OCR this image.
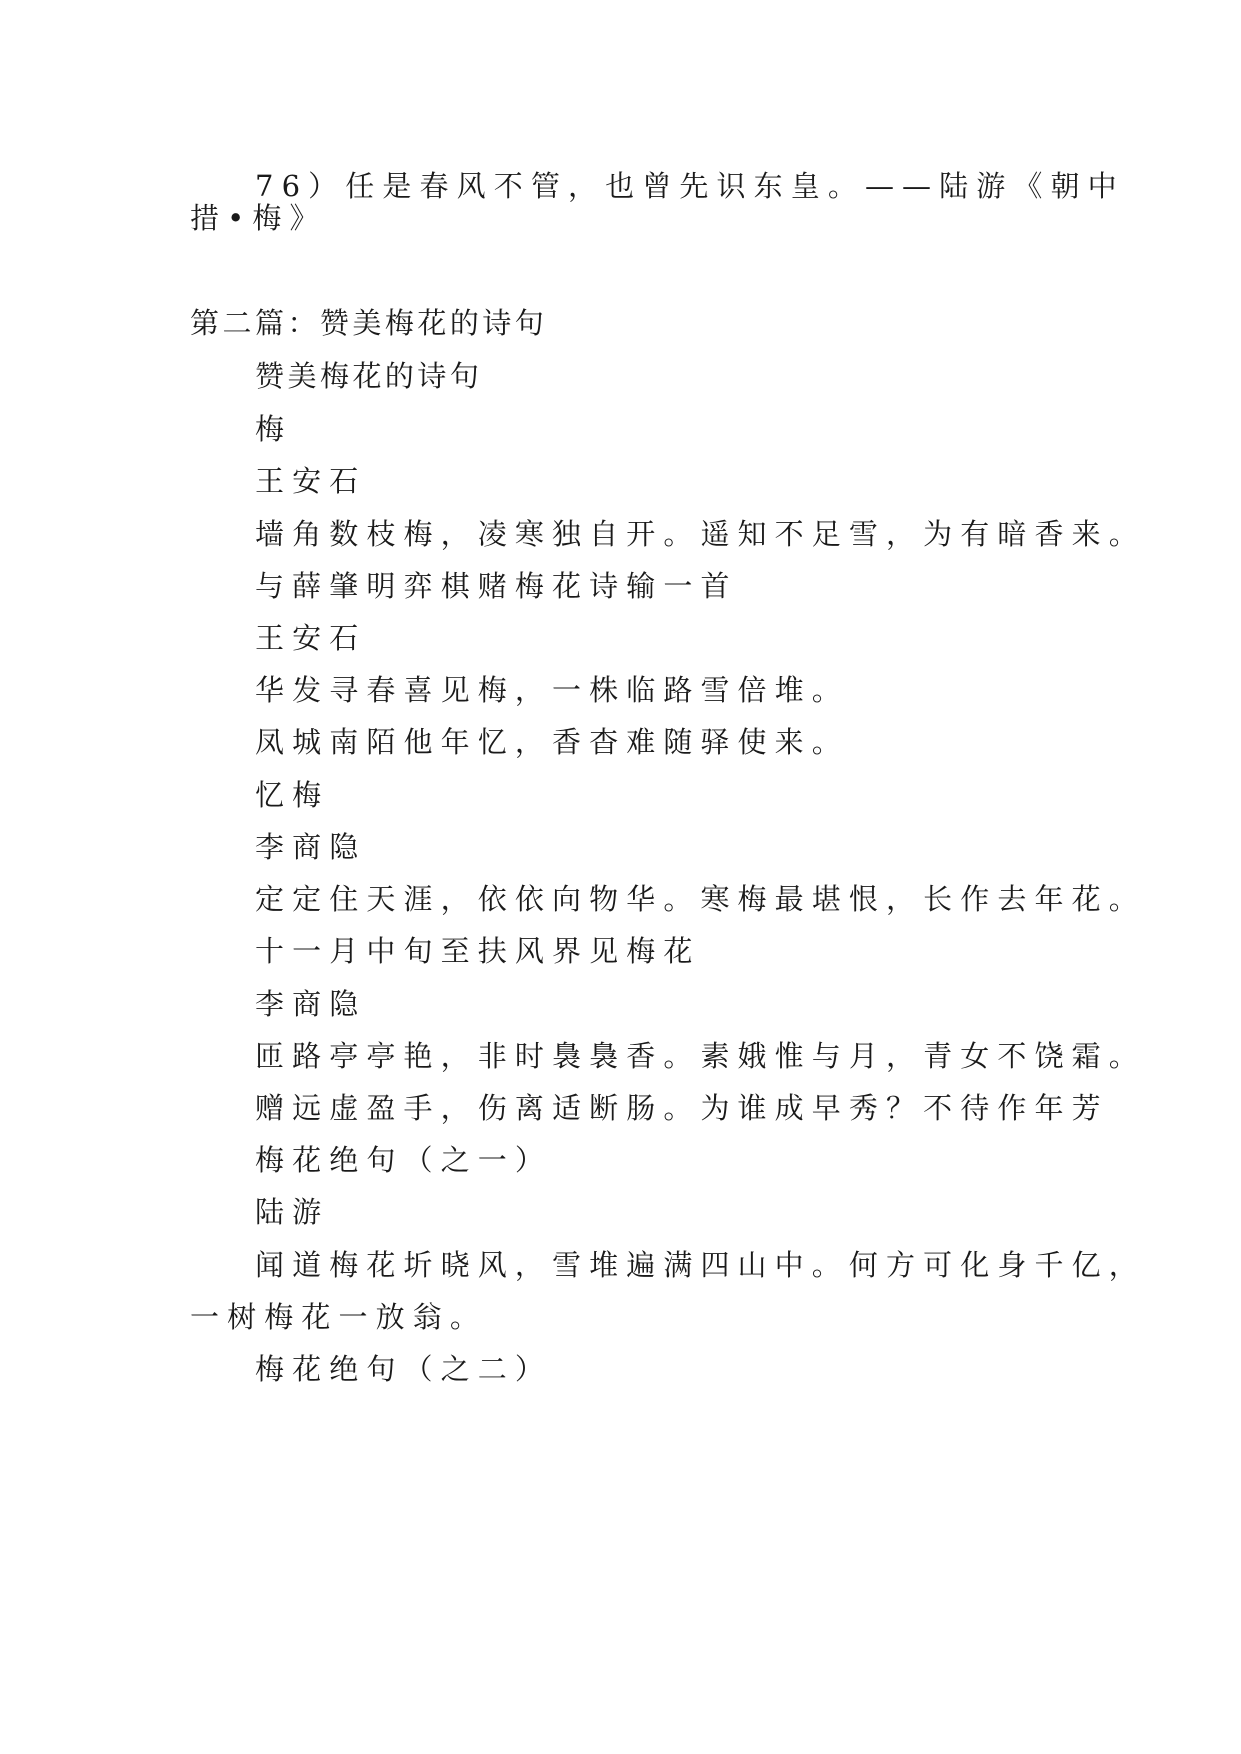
76）任是春风不管，也曾先识东皇。——陆游《朝中
措•梅》
第二篇：赞美梅花的诗句
赞美梅花的诗句
梅
王安石
墙角数枝梅，凌寒独自开。遥知不足雪，为有暗香来。
与薛肇明弈棋赌梅花诗输一首
王安石
华发寻春喜见梅，一株临路雪倍堆。
凤城南陌他年忆，香杳难随驿使来。
忆梅
李商隐
定定住天涯，依依向物华。寒梅最堪恨，长作去年花。
十一月中旬至扶风界见梅花
李商隐
匝路亭亭艳，非时裊裊香。素娥惟与月，青女不饶霜。
赠远虚盈手，伤离适断肠。为谁成早秀？不待作年芳
梅花绝句（之一）
陆游
闻道梅花圻晓风，雪堆遍满四山中。何方可化身千亿，
一树梅花一放翁。
梅花绝句（之二）
